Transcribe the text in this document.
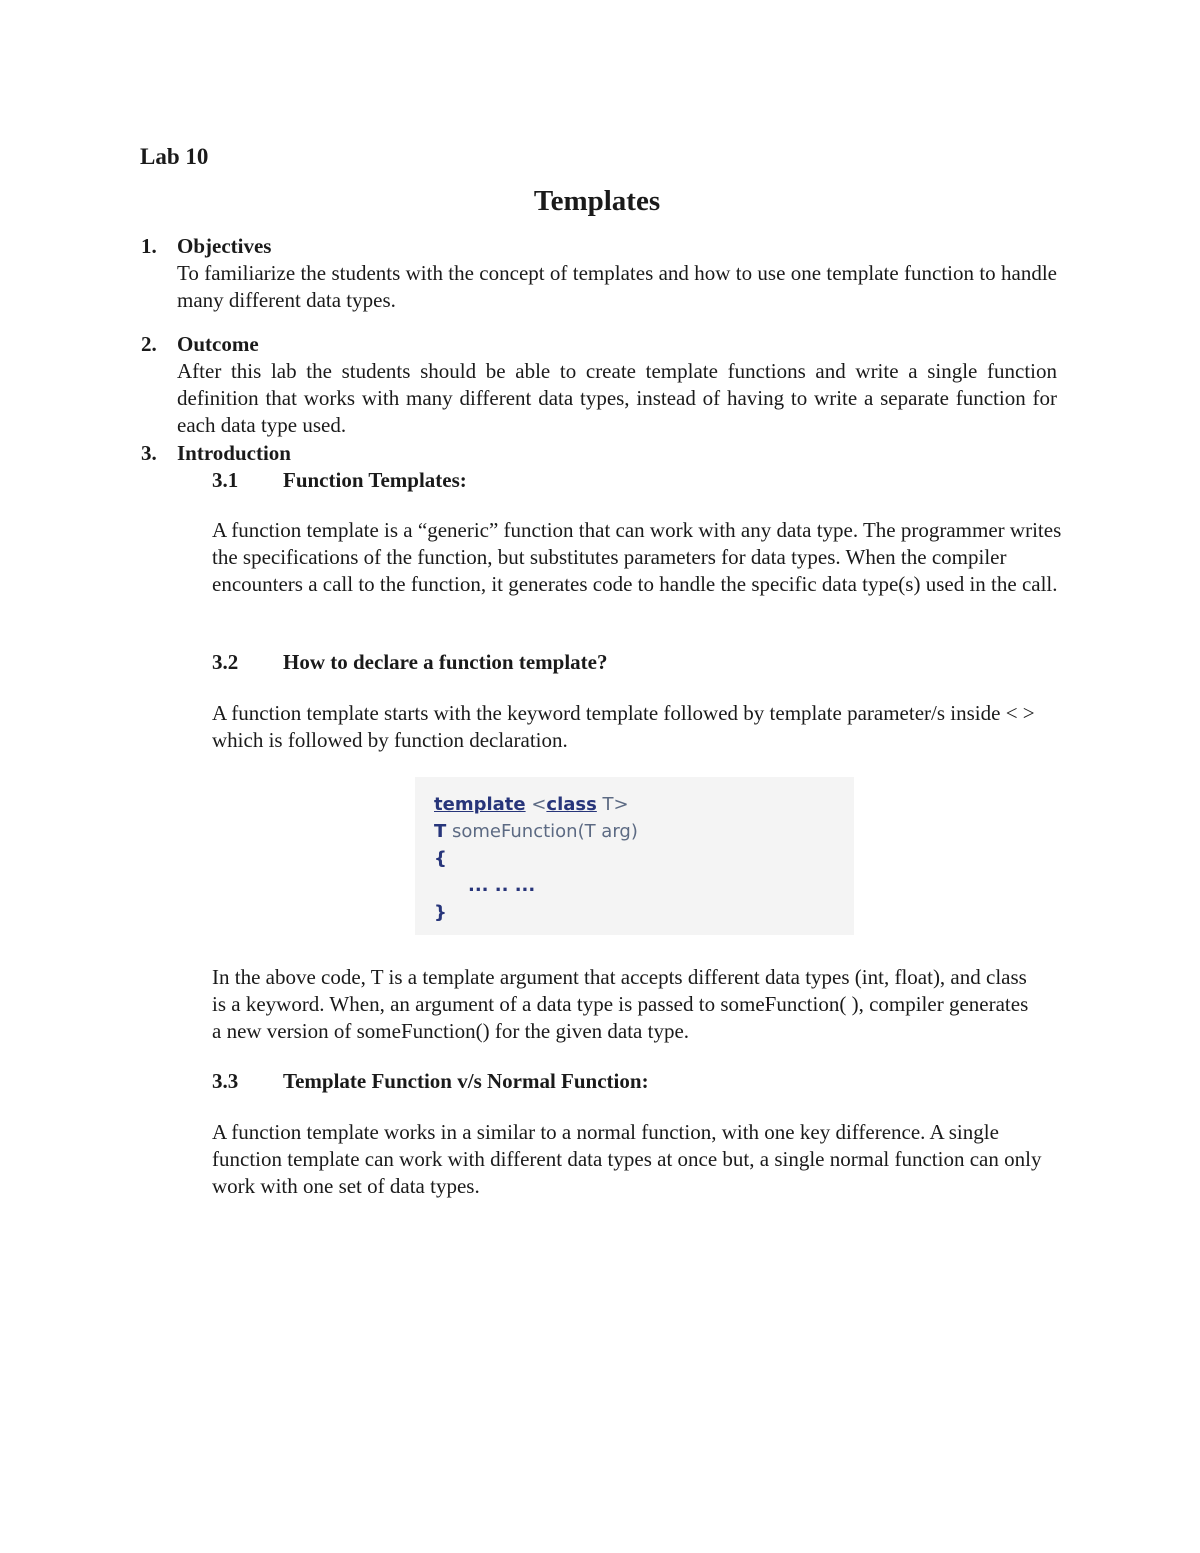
Lab 10
Templates
1. Objectives
To familiarize the students with the concept of templates and how to use one template function to handle many different data types.
2. Outcome
After this lab the students should be able to create template functions and write a single function definition that works with many different data types, instead of having to write a separate function for each data type used.
3. Introduction
3.1 Function Templates:
A function template is a “generic” function that can work with any data type. The programmer writes the specifications of the function, but substitutes parameters for data types. When the compiler encounters a call to the function, it generates code to handle the specific data type(s) used in the call.
3.2 How to declare a function template?
A function template starts with the keyword template followed by template parameter/s inside < > which is followed by function declaration.
template <class T>
T someFunction(T arg)
{
... .. ...
}
In the above code, T is a template argument that accepts different data types (int, float), and class is a keyword. When, an argument of a data type is passed to someFunction( ), compiler generates a new version of someFunction() for the given data type.
3.3 Template Function v/s Normal Function:
A function template works in a similar to a normal function, with one key difference. A single function template can work with different data types at once but, a single normal function can only work with one set of data types.
